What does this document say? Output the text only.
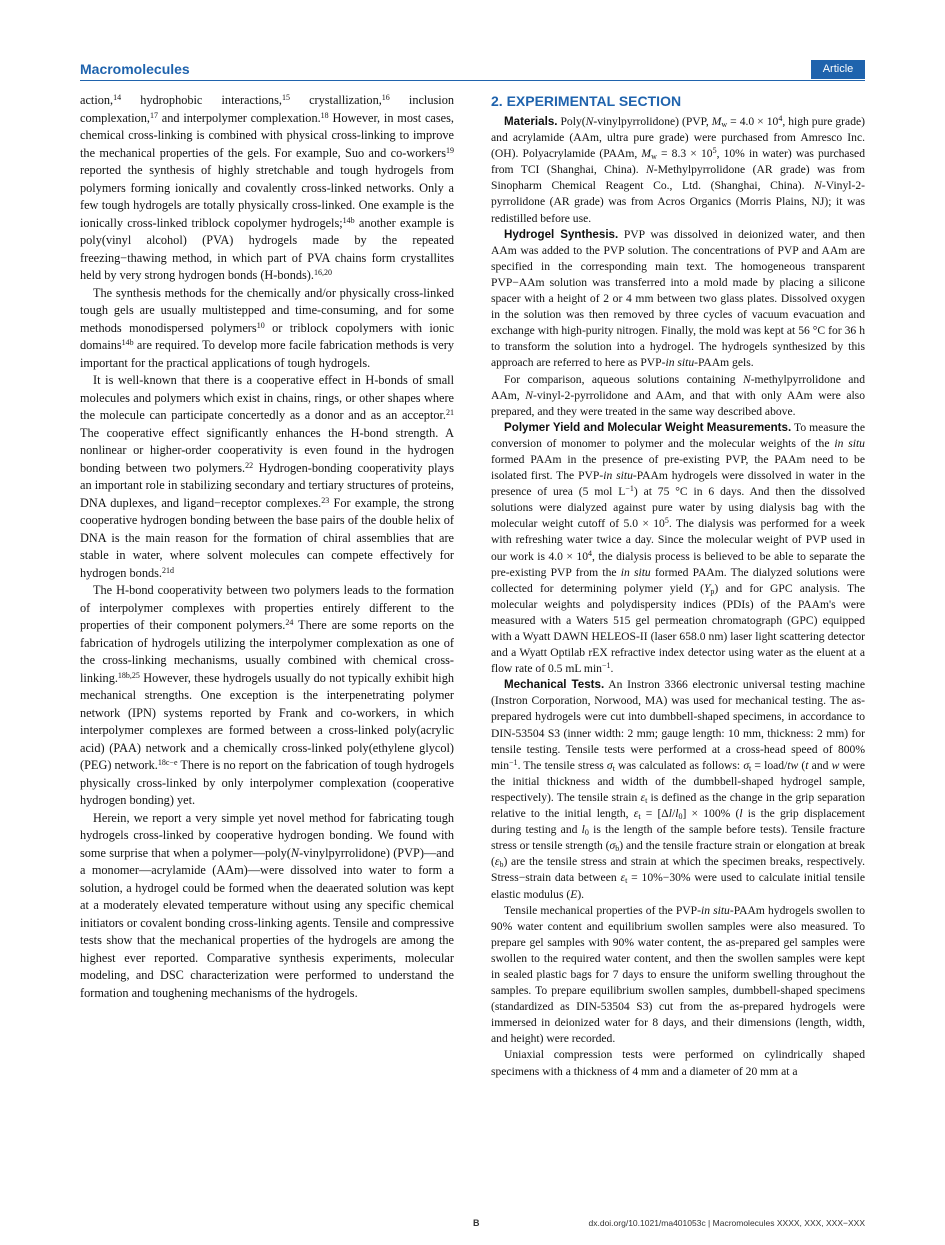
Macromolecules	Article

action,$^{14}$ hydrophobic interactions,$^{15}$ crystallization,$^{16}$ inclusion complexation,$^{17}$ and interpolymer complexation.$^{18}$ However, in most cases, chemical cross-linking is combined with physical cross-linking to improve the mechanical properties of the gels. For example, Suo and co-workers$^{19}$ reported the synthesis of highly stretchable and tough hydrogels from polymers forming ionically and covalently cross-linked networks. Only a few tough hydrogels are totally physically cross-linked. One example is the ionically cross-linked triblock copolymer hydrogels;$^{14b}$ another example is poly(vinyl alcohol) (PVA) hydrogels made by the repeated freezing−thawing method, in which part of PVA chains form crystallites held by very strong hydrogen bonds (H-bonds).$^{16,20}$

The synthesis methods for the chemically and/or physically cross-linked tough gels are usually multistepped and time-consuming, and for some methods monodispersed polymers$^{10}$ or triblock copolymers with ionic domains$^{14b}$ are required. To develop more facile fabrication methods is very important for the practical applications of tough hydrogels.

It is well-known that there is a cooperative effect in H-bonds of small molecules and polymers which exist in chains, rings, or other shapes where the molecule can participate concertedly as a donor and as an acceptor.$^{21}$ The cooperative effect significantly enhances the H-bond strength. A nonlinear or higher-order cooperativity is even found in the hydrogen bonding between two polymers.$^{22}$ Hydrogen-bonding cooperativity plays an important role in stabilizing secondary and tertiary structures of proteins, DNA duplexes, and ligand−receptor complexes.$^{23}$ For example, the strong cooperative hydrogen bonding between the base pairs of the double helix of DNA is the main reason for the formation of chiral assemblies that are stable in water, where solvent molecules can compete effectively for hydrogen bonds.$^{21d}$

The H-bond cooperativity between two polymers leads to the formation of interpolymer complexes with properties entirely different to the properties of their component polymers.$^{24}$ There are some reports on the fabrication of hydrogels utilizing the interpolymer complexation as one of the cross-linking mechanisms, usually combined with chemical cross-linking.$^{18b,25}$ However, these hydrogels usually do not typically exhibit high mechanical strengths. One exception is the interpenetrating polymer network (IPN) systems reported by Frank and co-workers, in which interpolymer complexes are formed between a cross-linked poly(acrylic acid) (PAA) network and a chemically cross-linked poly(ethylene glycol) (PEG) network.$^{18c-e}$ There is no report on the fabrication of tough hydrogels physically cross-linked by only interpolymer complexation (cooperative hydrogen bonding) yet.

Herein, we report a very simple yet novel method for fabricating tough hydrogels cross-linked by cooperative hydrogen bonding. We found with some surprise that when a polymer—poly(N-vinylpyrrolidone) (PVP)—and a monomer—acrylamide (AAm)—were dissolved into water to form a solution, a hydrogel could be formed when the deaerated solution was kept at a moderately elevated temperature without using any specific chemical initiators or covalent bonding cross-linking agents. Tensile and compressive tests show that the mechanical properties of the hydrogels are among the highest ever reported. Comparative synthesis experiments, molecular modeling, and DSC characterization were performed to understand the formation and toughening mechanisms of the hydrogels.

2. EXPERIMENTAL SECTION

Materials. Poly(N-vinylpyrrolidone) (PVP, $M_w = 4.0 \times 10^4$, high pure grade) and acrylamide (AAm, ultra pure grade) were purchased from Amresco Inc. (OH). Polyacrylamide (PAAm, $M_w = 8.3 \times 10^5$, 10% in water) was purchased from TCI (Shanghai, China). N-Methylpyrrolidone (AR grade) was from Sinopharm Chemical Reagent Co., Ltd. (Shanghai, China). N-Vinyl-2-pyrrolidone (AR grade) was from Acros Organics (Morris Plains, NJ); it was redistilled before use.

Hydrogel Synthesis. PVP was dissolved in deionized water, and then AAm was added to the PVP solution. The concentrations of PVP and AAm are specified in the corresponding main text. The homogeneous transparent PVP−AAm solution was transferred into a mold made by placing a silicone spacer with a height of 2 or 4 mm between two glass plates. Dissolved oxygen in the solution was then removed by three cycles of vacuum evacuation and exchange with high-purity nitrogen. Finally, the mold was kept at 56 °C for 36 h to transform the solution into a hydrogel. The hydrogels synthesized by this approach are referred to here as PVP-in situ-PAAm gels.

For comparison, aqueous solutions containing N-methylpyrrolidone and AAm, N-vinyl-2-pyrrolidone and AAm, and that with only AAm were also prepared, and they were treated in the same way described above.

Polymer Yield and Molecular Weight Measurements. To measure the conversion of monomer to polymer and the molecular weights of the in situ formed PAAm in the presence of pre-existing PVP, the PAAm need to be isolated first. The PVP-in situ-PAAm hydrogels were dissolved in water in the presence of urea (5 mol $L^{-1}$) at 75 °C in 6 days. And then the dissolved solutions were dialyzed against pure water by using dialysis bag with the molecular weight cutoff of $5.0 \times 10^5$. The dialysis was performed for a week with refreshing water twice a day. Since the molecular weight of PVP used in our work is $4.0 \times 10^4$, the dialysis process is believed to be able to separate the pre-existing PVP from the in situ formed PAAm. The dialyzed solutions were collected for determining polymer yield $(Y_p)$ and for GPC analysis. The molecular weights and polydispersity indices (PDIs) of the PAAm's were measured with a Waters 515 gel permeation chromatograph (GPC) equipped with a Wyatt DAWN HELEOS-II (laser 658.0 nm) laser light scattering detector and a Wyatt Optilab rEX refractive index detector using water as the eluent at a flow rate of 0.5 mL $\min^{-1}$.

Mechanical Tests. An Instron 3366 electronic universal testing machine (Instron Corporation, Norwood, MA) was used for mechanical testing. The as-prepared hydrogels were cut into dumbbell-shaped specimens, in accordance to DIN-53504 S3 (inner width: 2 mm; gauge length: 10 mm, thickness: 2 mm) for tensile testing. Tensile tests were performed at a cross-head speed of 800% $\min^{-1}$. The tensile stress $\sigma_t$ was calculated as follows: $\sigma_t$ = load/tw (t and w were the initial thickness and width of the dumbbell-shaped hydrogel sample, respectively). The tensile strain $\varepsilon_t$ is defined as the change in the grip separation relative to the initial length, $\varepsilon_t = [\Delta l/l_0] \times 100\%$ (l is the grip displacement during testing and $l_0$ is the length of the sample before tests). Tensile fracture stress or tensile strength $(\sigma_b)$ and the tensile fracture strain or elongation at break $(\varepsilon_b)$ are the tensile stress and strain at which the specimen breaks, respectively. Stress−strain data between $\varepsilon_t = 10\%-30\%$ were used to calculate initial tensile elastic modulus (E).

Tensile mechanical properties of the PVP-in situ-PAAm hydrogels swollen to 90% water content and equilibrium swollen samples were also measured. To prepare gel samples with 90% water content, the as-prepared gel samples were swollen to the required water content, and then the swollen samples were kept in sealed plastic bags for 7 days to ensure the uniform swelling throughout the samples. To prepare equilibrium swollen samples, dumbbell-shaped specimens (standardized as DIN-53504 S3) cut from the as-prepared hydrogels were immersed in deionized water for 8 days, and their dimensions (length, width, and height) were recorded.

Uniaxial compression tests were performed on cylindrically shaped specimens with a thickness of 4 mm and a diameter of 20 mm at a

B	dx.doi.org/10.1021/ma401053c | Macromolecules XXXX, XXX, XXX−XXX
